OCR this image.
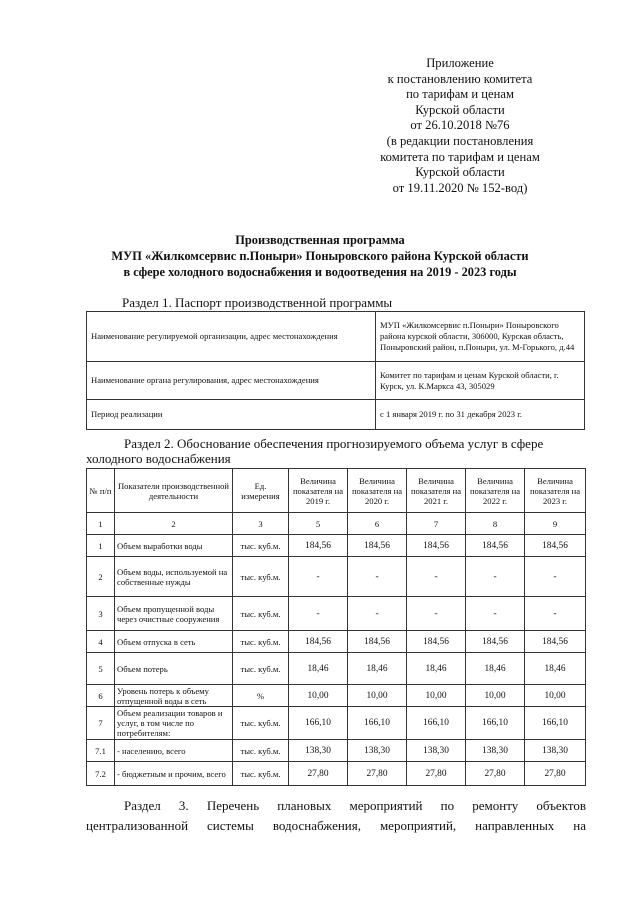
Приложение
к постановлению комитета
по тарифам и ценам
Курской области
от 26.10.2018 №76
(в редакции постановления
комитета по тарифам и ценам
Курской области
от 19.11.2020 № 152-вод)
Производственная программа
МУП «Жилкомсервис п.Поныри» Поныровского района Курской области
в сфере холодного водоснабжения и водоотведения на 2019 - 2023 годы
Раздел 1. Паспорт производственной программы
Наименование регулируемой организации, адрес местонахождения	МУП «Жилкомсервис п.Поныри» Поныровского района курской области, 306000, Курская область, Поныровский район, п.Поныри, ул. М-Горького, д.44
Наименование органа регулирования, адрес местонахождения	Комитет по тарифам и ценам Курской области, г. Курск, ул. К.Маркса 43, 305029
Период реализации	с 1 января 2019 г. по 31 декабря 2023 г.
Раздел 2. Обоснование обеспечения прогнозируемого объема услуг в сфере
холодного водоснабжения
№ п/п	Показатели производственной деятельности	Ед. измерения	Величина показателя на 2019 г.	Величина показателя на 2020 г.	Величина показателя на 2021 г.	Величина показателя на 2022 г.	Величина показателя на 2023 г.
1	2	3	5	6	7	8	9
1	Объем выработки воды	тыс. куб.м.	184,56	184,56	184,56	184,56	184,56
2	Объем воды, используемой на собственные нужды	тыс. куб.м.	-	-	-	-	-
3	Объем пропущенной воды через очистные сооружения	тыс. куб.м.	-	-	-	-	-
4	Объем отпуска в сеть	тыс. куб.м.	184,56	184,56	184,56	184,56	184,56
5	Объем потерь	тыс. куб.м.	18,46	18,46	18,46	18,46	18,46
6	Уровень потерь к объему отпущенной воды в сеть	%	10,00	10,00	10,00	10,00	10,00
7	Объем реализации товаров и услуг, в том числе по потребителям:	тыс. куб.м.	166,10	166,10	166,10	166,10	166,10
7.1	- населению, всего	тыс. куб.м.	138,30	138,30	138,30	138,30	138,30
7.2	- бюджетным и прочим, всего	тыс. куб.м.	27,80	27,80	27,80	27,80	27,80
Раздел 3. Перечень плановых мероприятий по ремонту объектов
централизованной системы водоснабжения, мероприятий, направленных на
